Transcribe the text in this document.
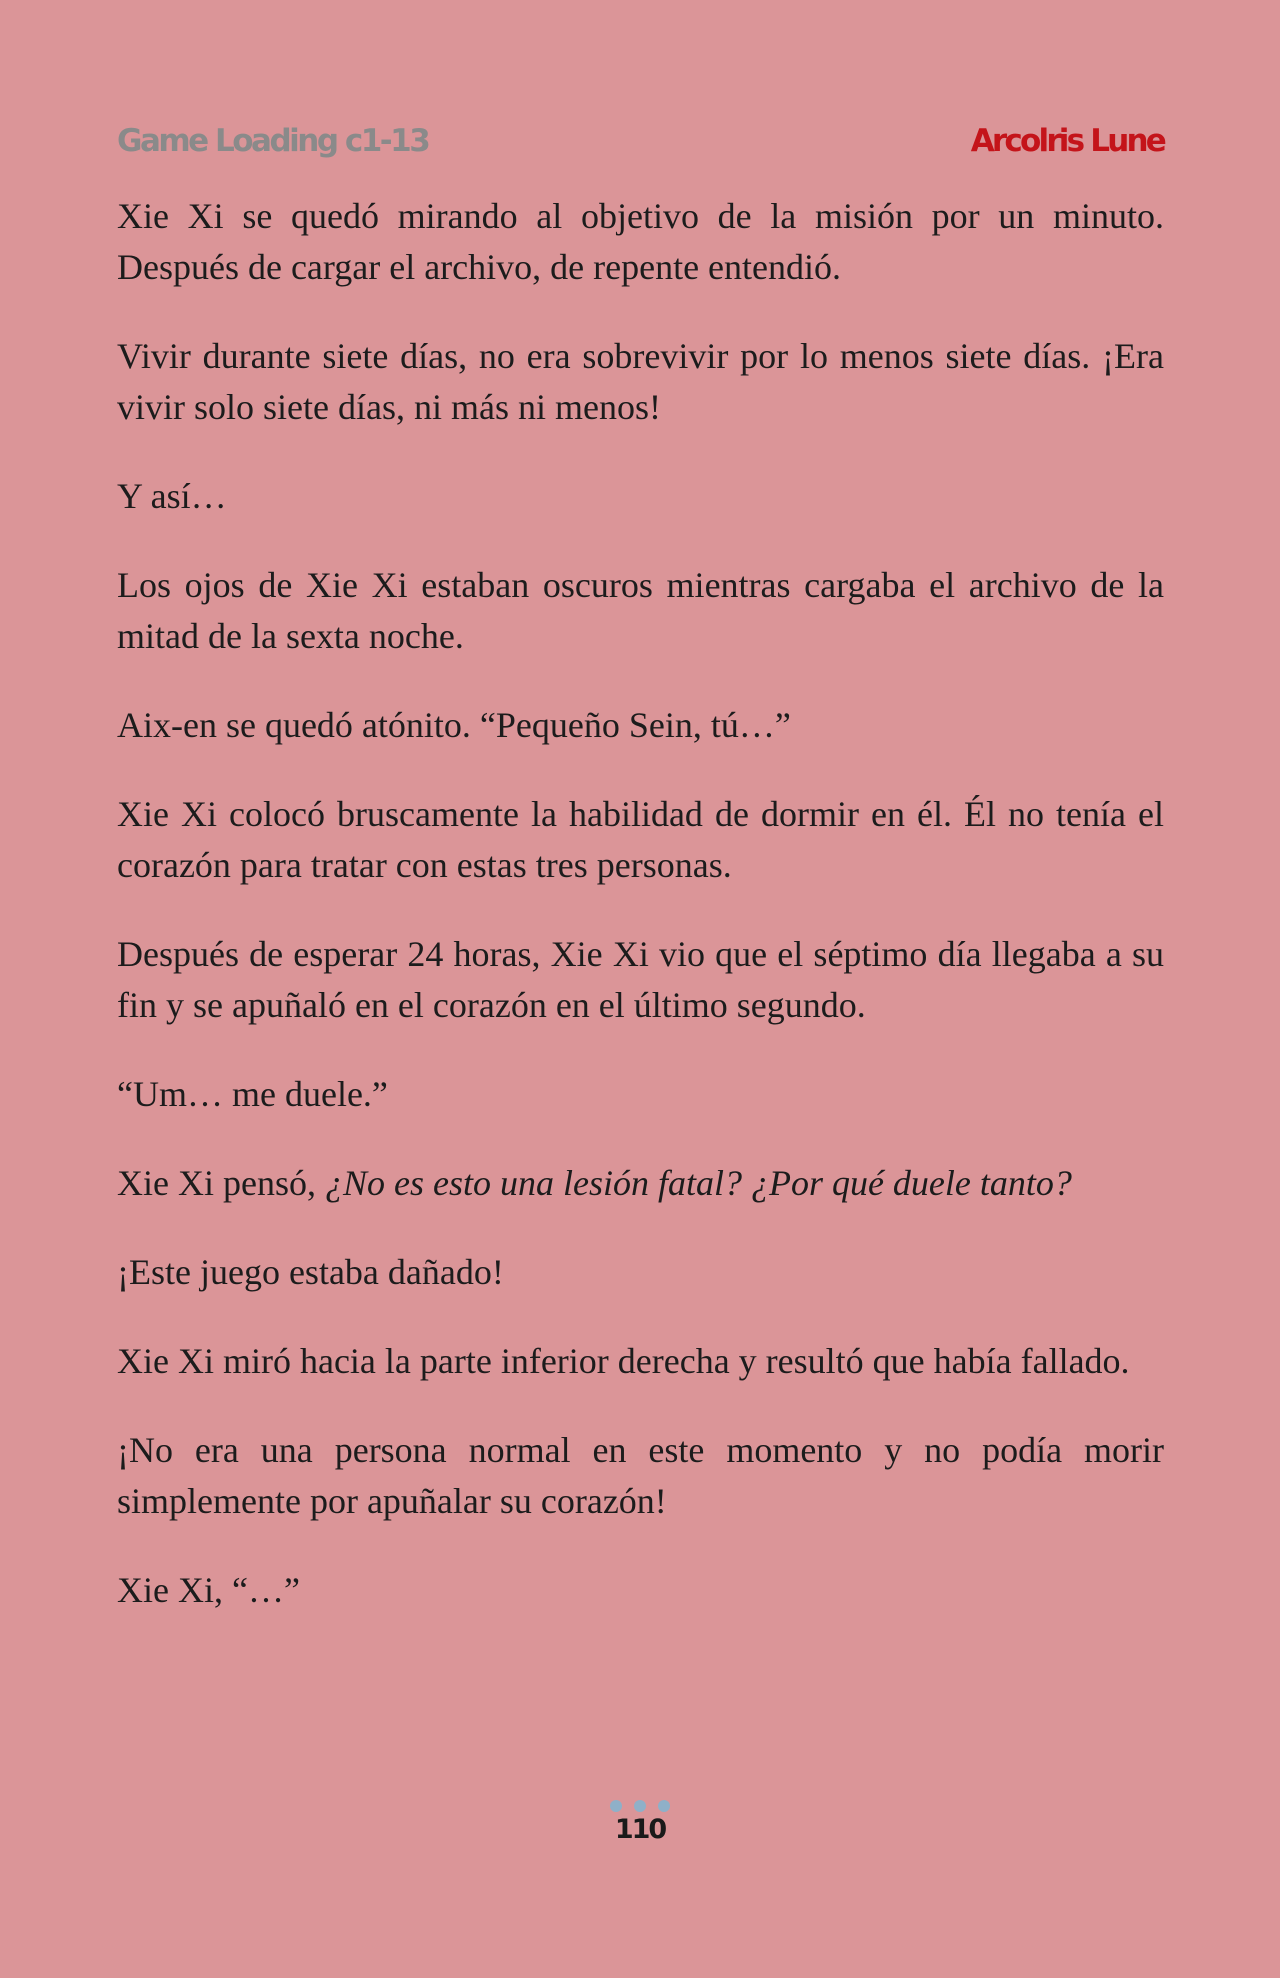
Game Loading c1-13	Arcolris Lune

Xie Xi se quedó mirando al objetivo de la misión por un minuto. Después de cargar el archivo, de repente entendió.

Vivir durante siete días, no era sobrevivir por lo menos siete días. ¡Era vivir solo siete días, ni más ni menos!

Y así…

Los ojos de Xie Xi estaban oscuros mientras cargaba el archivo de la mitad de la sexta noche.

Aix-en se quedó atónito. “Pequeño Sein, tú…”

Xie Xi colocó bruscamente la habilidad de dormir en él. Él no tenía el corazón para tratar con estas tres personas.

Después de esperar 24 horas, Xie Xi vio que el séptimo día llegaba a su fin y se apuñaló en el corazón en el último segundo.

“Um… me duele.”

Xie Xi pensó, ¿No es esto una lesión fatal? ¿Por qué duele tanto?

¡Este juego estaba dañado!

Xie Xi miró hacia la parte inferior derecha y resultó que había fallado.

¡No era una persona normal en este momento y no podía morir simplemente por apuñalar su corazón!

Xie Xi, “…”

110
